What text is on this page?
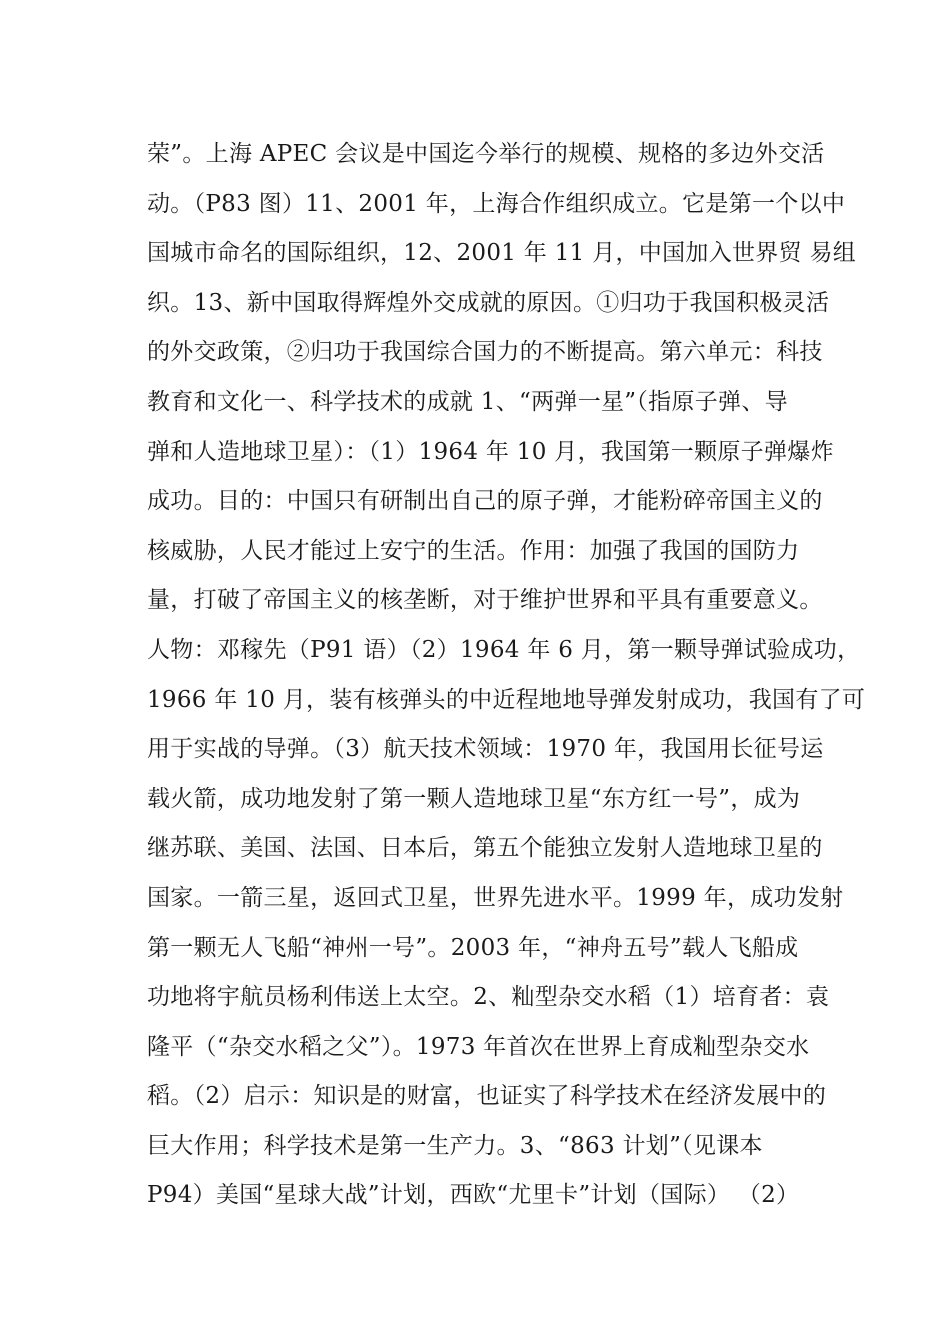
荣”。上海 APEC 会议是中国迄今举行的规模、规格的多边外交活
动。（P83 图）11、2001 年，上海合作组织成立。它是第一个以中
国城市命名的国际组织，12、2001 年 11 月，中国加入世界贸 易组
织。13、新中国取得辉煌外交成就的原因。①归功于我国积极灵活
的外交政策，②归功于我国综合国力的不断提高。第六单元：科技
教育和文化一、科学技术的成就 1、“两弹一星”（指原子弹、导
弹和人造地球卫星）：（1）1964 年 10 月，我国第一颗原子弹爆炸
成功。目的：中国只有研制出自己的原子弹，才能粉碎帝国主义的
核威胁，人民才能过上安宁的生活。作用：加强了我国的国防力
量，打破了帝国主义的核垄断，对于维护世界和平具有重要意义。
人物：邓稼先（P91 语）（2）1964 年 6 月，第一颗导弹试验成功，
1966 年 10 月，装有核弹头的中近程地地导弹发射成功，我国有了可
用于实战的导弹。（3）航天技术领域：1970 年，我国用长征号运
载火箭，成功地发射了第一颗人造地球卫星“东方红一号”，成为
继苏联、美国、法国、日本后，第五个能独立发射人造地球卫星的
国家。一箭三星，返回式卫星，世界先进水平。1999 年，成功发射
第一颗无人飞船“神州一号”。2003 年，“神舟五号”载人飞船成
功地将宇航员杨利伟送上太空。2、籼型杂交水稻（1）培育者：袁
隆平（“杂交水稻之父”）。1973 年首次在世界上育成籼型杂交水
稻。（2）启示：知识是的财富，也证实了科学技术在经济发展中的
巨大作用；科学技术是第一生产力。3、“863 计划”（见课本
P94）美国“星球大战”计划，西欧“尤里卡”计划（国际） （2）
